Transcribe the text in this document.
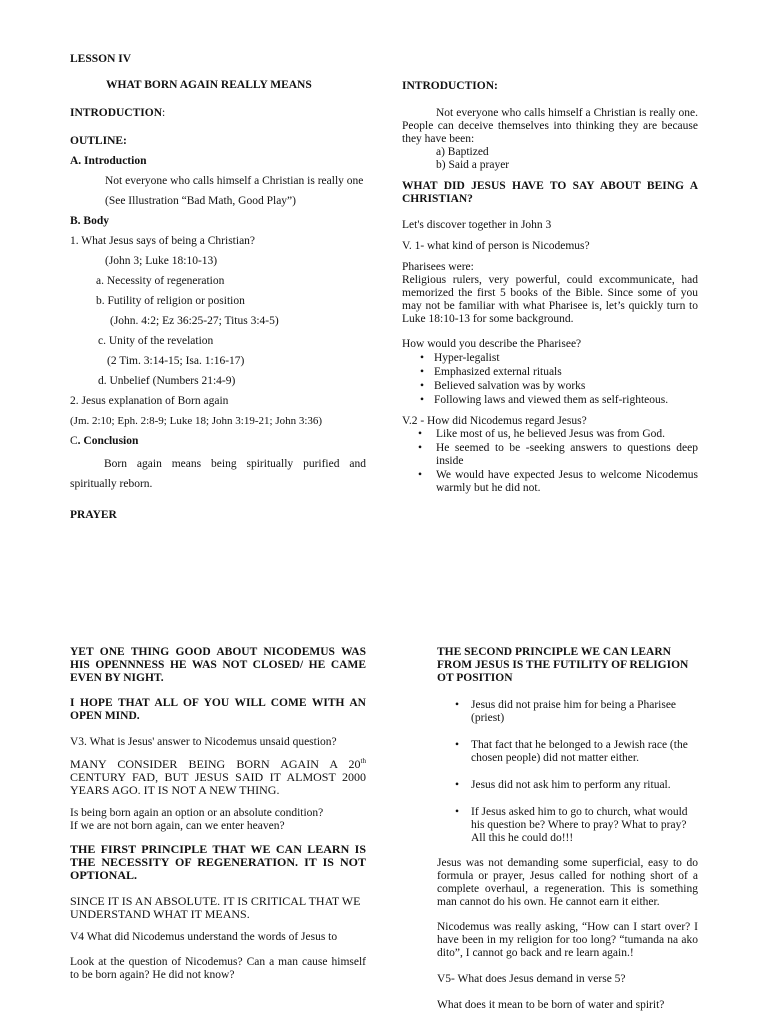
LESSON IV

WHAT BORN AGAIN REALLY MEANS

INTRODUCTION:

OUTLINE:

A. Introduction

Not everyone who calls himself a Christian is really one

(See Illustration “Bad Math, Good Play”)

B. Body

1. What Jesus says of being a Christian?

(John 3; Luke 18:10-13)

a. Necessity of regeneration

b. Futility of religion or position

(John. 4:2; Ez 36:25-27; Titus 3:4-5)

c. Unity of the revelation

(2 Tim. 3:14-15; Isa. 1:16-17)

d. Unbelief (Numbers 21:4-9)

2. Jesus explanation of Born again

(Jm. 2:10; Eph. 2:8-9; Luke 18; John 3:19-21; John 3:36)

C. Conclusion

Born again means being spiritually purified and spiritually reborn.

PRAYER

INTRODUCTION:

Not everyone who calls himself a Christian is really one. People can deceive themselves into thinking they are because they have been:

a) Baptized

b) Said a prayer

WHAT DID JESUS HAVE TO SAY ABOUT BEING A CHRISTIAN?

Let's discover together in John 3

V. 1- what kind of person is Nicodemus?

Pharisees were:

Religious rulers, very powerful, could excommunicate, had memorized the first 5 books of the Bible. Since some of you may not be familiar with what Pharisee is, let’s quickly turn to Luke 18:10-13 for some background.

How would you describe the Pharisee?

• Hyper-legalist

• Emphasized external rituals

• Believed salvation was by works

• Following laws and viewed them as self-righteous.

V.2 - How did Nicodemus regard Jesus?

• Like most of us, he believed Jesus was from God.

• He seemed to be -seeking answers to questions deep inside

• We would have expected Jesus to welcome Nicodemus warmly but he did not.

YET ONE THING GOOD ABOUT NICODEMUS WAS HIS OPENNNESS HE WAS NOT CLOSED/ HE CAME EVEN BY NIGHT.

I HOPE THAT ALL OF YOU WILL COME WITH AN OPEN MIND.

V3. What is Jesus' answer to Nicodemus unsaid question?

MANY CONSIDER BEING BORN AGAIN A 20th CENTURY FAD, BUT JESUS SAID IT ALMOST 2000 YEARS AGO. IT IS NOT A NEW THING.

Is being born again an option or an absolute condition?

If we are not born again, can we enter heaven?

THE FIRST PRINCIPLE THAT WE CAN LEARN IS THE NECESSITY OF REGENERATION. IT IS NOT OPTIONAL.

SINCE IT IS AN ABSOLUTE. IT IS CRITICAL THAT WE UNDERSTAND WHAT IT MEANS.

V4 What did Nicodemus understand the words of Jesus to

Look at the question of Nicodemus? Can a man cause himself to be born again? He did not know?

THE SECOND PRINCIPLE WE CAN LEARN FROM JESUS IS THE FUTILITY OF RELIGION OT POSITION

• Jesus did not praise him for being a Pharisee (priest)

• That fact that he belonged to a Jewish race (the chosen people) did not matter either.

• Jesus did not ask him to perform any ritual.

• If Jesus asked him to go to church, what would his question be? Where to pray? What to pray? All this he could do!!!

Jesus was not demanding some superficial, easy to do formula or prayer, Jesus called for nothing short of a complete overhaul, a regeneration. This is something man cannot do his own. He cannot earn it either.

Nicodemus was really asking, “How can I start over? I have been in my religion for too long? “tumanda na ako dito”, I cannot go back and re learn again.!

V5- What does Jesus demand in verse 5?

What does it mean to be born of water and spirit?
